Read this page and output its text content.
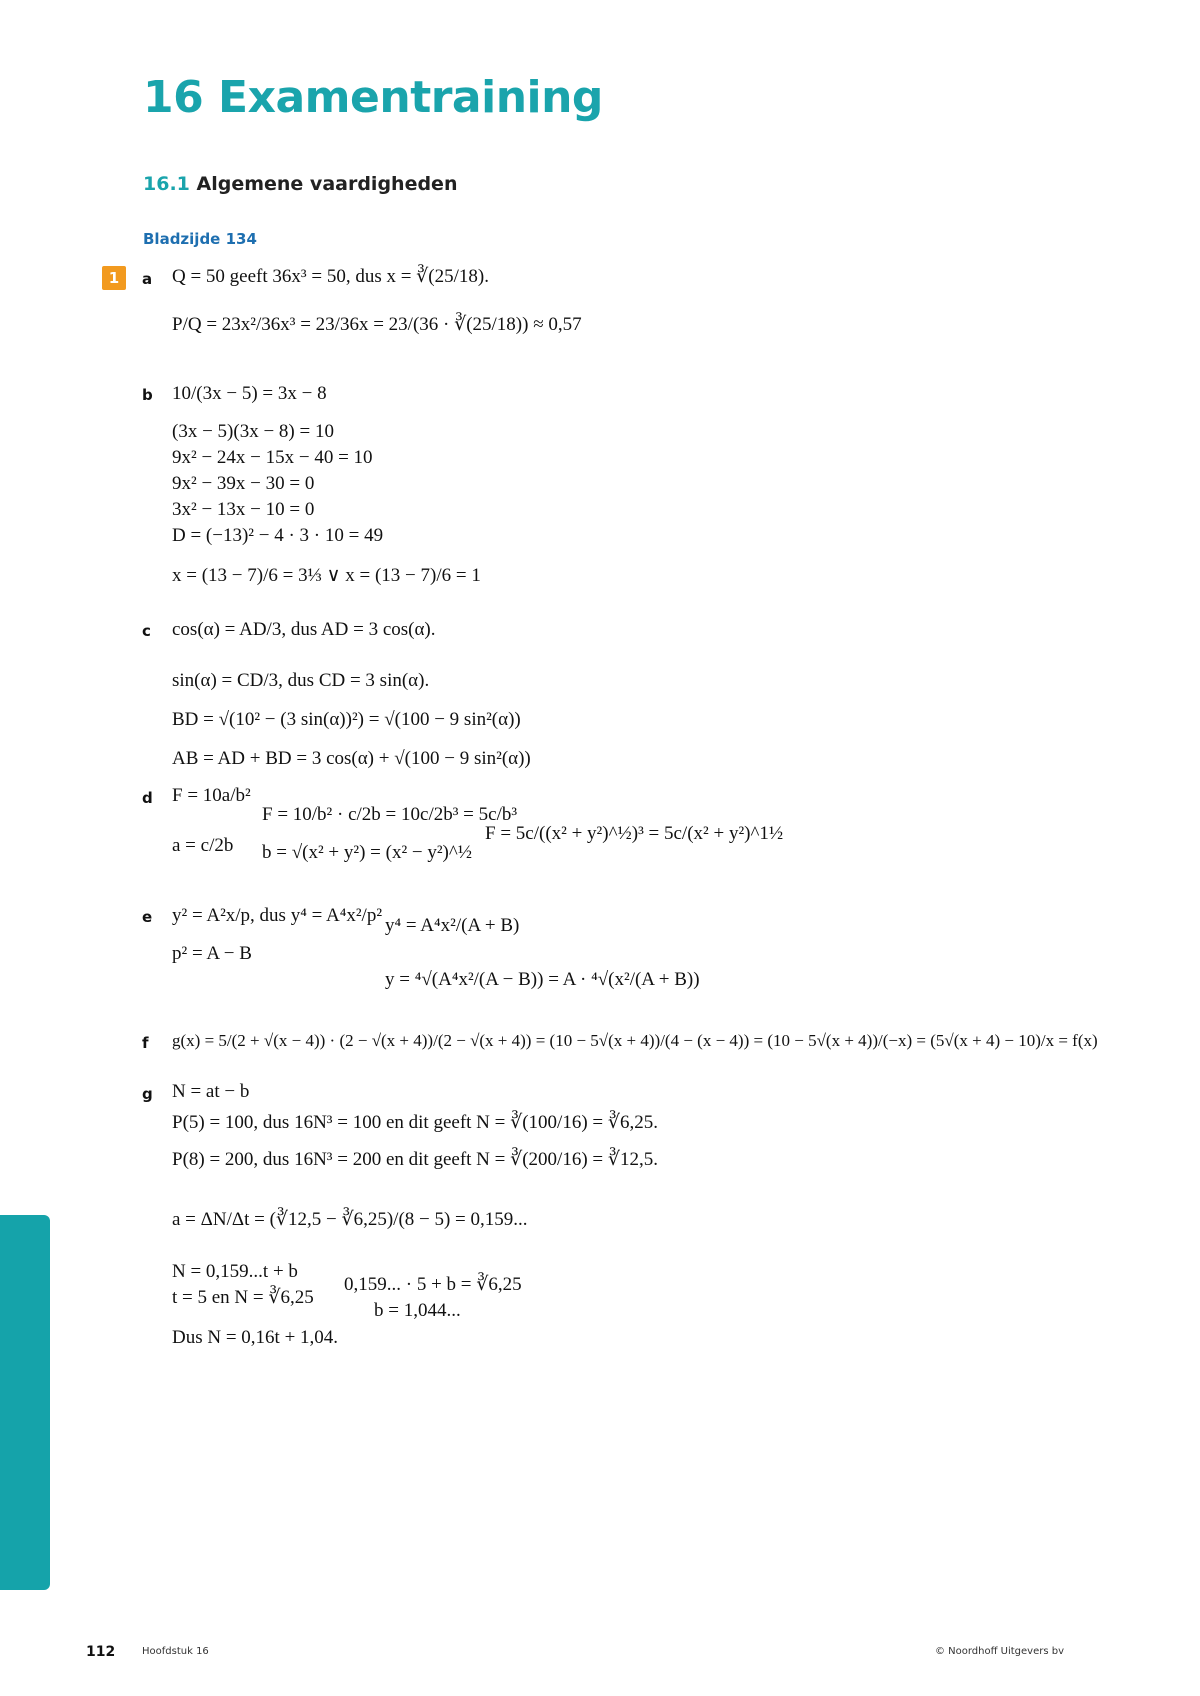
16 Examentraining
16.1 Algemene vaardigheden
Bladzijde 134
1	a Q = 50 geeft 36x³ = 50, dus x = ∛(25/18).
P/Q = 23x²/36x³ = 23/36x = 23/(36 · ∛(25/18)) ≈ 0,57
b 10/(3x − 5) = 3x − 8
(3x − 5)(3x − 8) = 10
9x² − 24x − 15x − 40 = 10
9x² − 39x − 30 = 0
3x² − 13x − 10 = 0
D = (−13)² − 4 · 3 · 10 = 49
x = (13 − 7)/6 = 3⅓ ∨ x = (13 − 7)/6 = 1
c cos(α) = AD/3, dus AD = 3 cos(α).
sin(α) = CD/3, dus CD = 3 sin(α).
BD = √(10² − (3 sin(α))²) = √(100 − 9 sin²(α))
AB = AD + BD = 3 cos(α) + √(100 − 9 sin²(α))
d F = 10a/b²
a = c/2b
F = 10/b² · c/2b = 10c/2b³ = 5c/b³
b = √(x² + y²) = (x² − y²)^½
F = 5c/((x² + y²)^½)³ = 5c/(x² + y²)^1½
e y² = A²x/p, dus y⁴ = A⁴x²/p²
p² = A − B
y⁴ = A⁴x²/(A + B)
y = ⁴√(A⁴x²/(A − B)) = A · ⁴√(x²/(A + B))
f g(x) = 5/(2 + √(x − 4)) · (2 − √(x + 4))/(2 − √(x + 4)) = (10 − 5√(x + 4))/(4 − (x − 4)) = (10 − 5√(x + 4))/(−x) = (5√(x + 4) − 10)/x = f(x)
g N = at − b
P(5) = 100, dus 16N³ = 100 en dit geeft N = ∛(100/16) = ∛6,25.
P(8) = 200, dus 16N³ = 200 en dit geeft N = ∛(200/16) = ∛12,5.
a = ΔN/Δt = (∛12,5 − ∛6,25)/(8 − 5) = 0,159...
N = 0,159...t + b
t = 5 en N = ∛6,25
0,159... · 5 + b = ∛6,25
b = 1,044...
Dus N = 0,16t + 1,04.
112	Hoofdstuk 16	© Noordhoff Uitgevers bv
